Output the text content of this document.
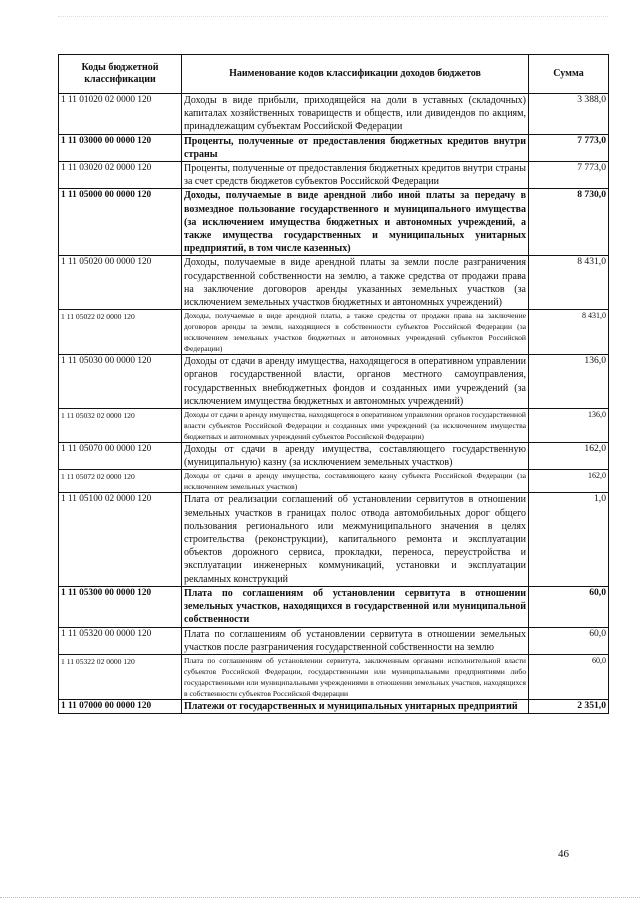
Коды бюджетной классификации	Наименование кодов классификации доходов бюджетов	Сумма
1 11 01020 02 0000 120	Доходы в виде прибыли, приходящейся на доли в уставных (складочных) капиталах хозяйственных товариществ и обществ, или дивидендов по акциям, принадлежащим субъектам Российской Федерации	3 388,0
1 11 03000 00 0000 120	Проценты, полученные от предоставления бюджетных кредитов внутри страны	7 773,0
1 11 03020 02 0000 120	Проценты, полученные от предоставления бюджетных кредитов внутри страны за счет средств бюджетов субъектов Российской Федерации	7 773,0
1 11 05000 00 0000 120	Доходы, получаемые в виде арендной либо иной платы за передачу в возмездное пользование государственного и муниципального имущества (за исключением имущества бюджетных и автономных учреждений, а также имущества государственных и муниципальных унитарных предприятий, в том числе казенных)	8 730,0
1 11 05020 00 0000 120	Доходы, получаемые в виде арендной платы за земли после разграничения государственной собственности на землю, а также средства от продажи права на заключение договоров аренды указанных земельных участков (за исключением земельных участков бюджетных и автономных учреждений)	8 431,0
1 11 05022 02 0000 120	Доходы, получаемые в виде арендной платы, а также средства от продажи права на заключение договоров аренды за земли, находящиеся в собственности субъектов Российской Федерации (за исключением земельных участков бюджетных и автономных учреждений субъектов Российской Федерации)	8 431,0
1 11 05030 00 0000 120	Доходы от сдачи в аренду имущества, находящегося в оперативном управлении органов государственной власти, органов местного самоуправления, государственных внебюджетных фондов и созданных ими учреждений (за исключением имущества бюджетных и автономных учреждений)	136,0
1 11 05032 02 0000 120	Доходы от сдачи в аренду имущества, находящегося в оперативном управлении органов государственной власти субъектов Российской Федерации и созданных ими учреждений (за исключением имущества бюджетных и автономных учреждений субъектов Российской Федерации)	136,0
1 11 05070 00 0000 120	Доходы от сдачи в аренду имущества, составляющего государственную (муниципальную) казну (за исключением земельных участков)	162,0
1 11 05072 02 0000 120	Доходы от сдачи в аренду имущества, составляющего казну субъекта Российской Федерации (за исключением земельных участков)	162,0
1 11 05100 02 0000 120	Плата от реализации соглашений об установлении сервитутов в отношении земельных участков в границах полос отвода автомобильных дорог общего пользования регионального или межмуниципального значения в целях строительства (реконструкции), капитального ремонта и эксплуатации объектов дорожного сервиса, прокладки, переноса, переустройства и эксплуатации инженерных коммуникаций, установки и эксплуатации рекламных конструкций	1,0
1 11 05300 00 0000 120	Плата по соглашениям об установлении сервитута в отношении земельных участков, находящихся в государственной или муниципальной собственности	60,0
1 11 05320 00 0000 120	Плата по соглашениям об установлении сервитута в отношении земельных участков после разграничения государственной собственности на землю	60,0
1 11 05322 02 0000 120	Плата по соглашениям об установлении сервитута, заключенным органами исполнительной власти субъектов Российской Федерации, государственными или муниципальными предприятиями либо государственными или муниципальными учреждениями в отношении земельных участков, находящихся в собственности субъектов Российской Федерации	60,0
1 11 07000 00 0000 120	Платежи от государственных и муниципальных унитарных предприятий	2 351,0
46
